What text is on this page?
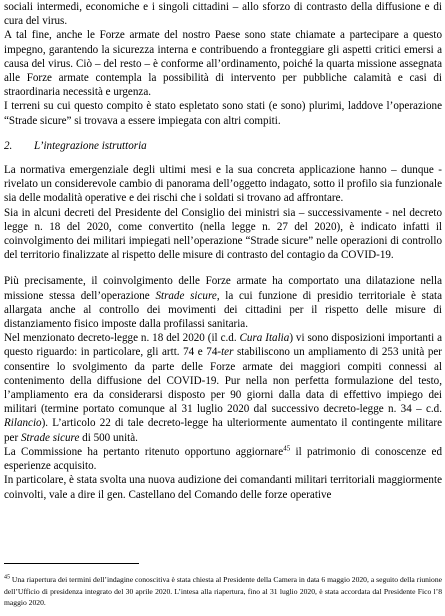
sociali intermedi, economiche e i singoli cittadini – allo sforzo di contrasto della diffusione e di cura del virus.

A tal fine, anche le Forze armate del nostro Paese sono state chiamate a partecipare a questo impegno, garantendo la sicurezza interna e contribuendo a fronteggiare gli aspetti critici emersi a causa del virus. Ciò – del resto – è conforme all’ordinamento, poiché la quarta missione assegnata alle Forze armate contempla la possibilità di intervento per pubbliche calamità e casi di straordinaria necessità e urgenza.

I terreni su cui questo compito è stato espletato sono stati (e sono) plurimi, laddove l’operazione “Strade sicure” si trovava a essere impiegata con altri compiti.

2.	L’integrazione istruttoria

La normativa emergenziale degli ultimi mesi e la sua concreta applicazione hanno – dunque - rivelato un considerevole cambio di panorama dell’oggetto indagato, sotto il profilo sia funzionale sia delle modalità operative e dei rischi che i soldati si trovano ad affrontare.

Sia in alcuni decreti del Presidente del Consiglio dei ministri sia – successivamente - nel decreto legge n. 18 del 2020, come convertito (nella legge n. 27 del 2020), è indicato infatti il coinvolgimento dei militari impiegati nell’operazione “Strade sicure” nelle operazioni di controllo del territorio finalizzate al rispetto delle misure di contrasto del contagio da COVID-19.

Più precisamente, il coinvolgimento delle Forze armate ha comportato una dilatazione nella missione stessa dell’operazione Strade sicure, la cui funzione di presidio territoriale è stata allargata anche al controllo dei movimenti dei cittadini per il rispetto delle misure di distanziamento fisico imposte dalla profilassi sanitaria.

Nel menzionato decreto-legge n. 18 del 2020 (il c.d. Cura Italia) vi sono disposizioni importanti a questo riguardo: in particolare, gli artt. 74 e 74-ter stabiliscono un ampliamento di 253 unità per consentire lo svolgimento da parte delle Forze armate dei maggiori compiti connessi al contenimento della diffusione del COVID-19. Pur nella non perfetta formulazione del testo, l’ampliamento era da considerarsi disposto per 90 giorni dalla data di effettivo impiego dei militari (termine portato comunque al 31 luglio 2020 dal successivo decreto-legge n. 34 – c.d. Rilancio). L’articolo 22 di tale decreto-legge ha ulteriormente aumentato il contingente militare per Strade sicure di 500 unità.

La Commissione ha pertanto ritenuto opportuno aggiornare$^{45}$ il patrimonio di conoscenze ed esperienze acquisito.

In particolare, è stata svolta una nuova audizione dei comandanti militari territoriali maggiormente coinvolti, vale a dire il gen. Castellano del Comando delle forze operative

$^{45}$ Una riapertura dei termini dell’indagine conoscitiva è stata chiesta al Presidente della Camera in data 6 maggio 2020, a seguito della riunione dell’Ufficio di presidenza integrato del 30 aprile 2020. L’intesa alla riapertura, fino al 31 luglio 2020, è stata accordata dal Presidente Fico l’8 maggio 2020.
